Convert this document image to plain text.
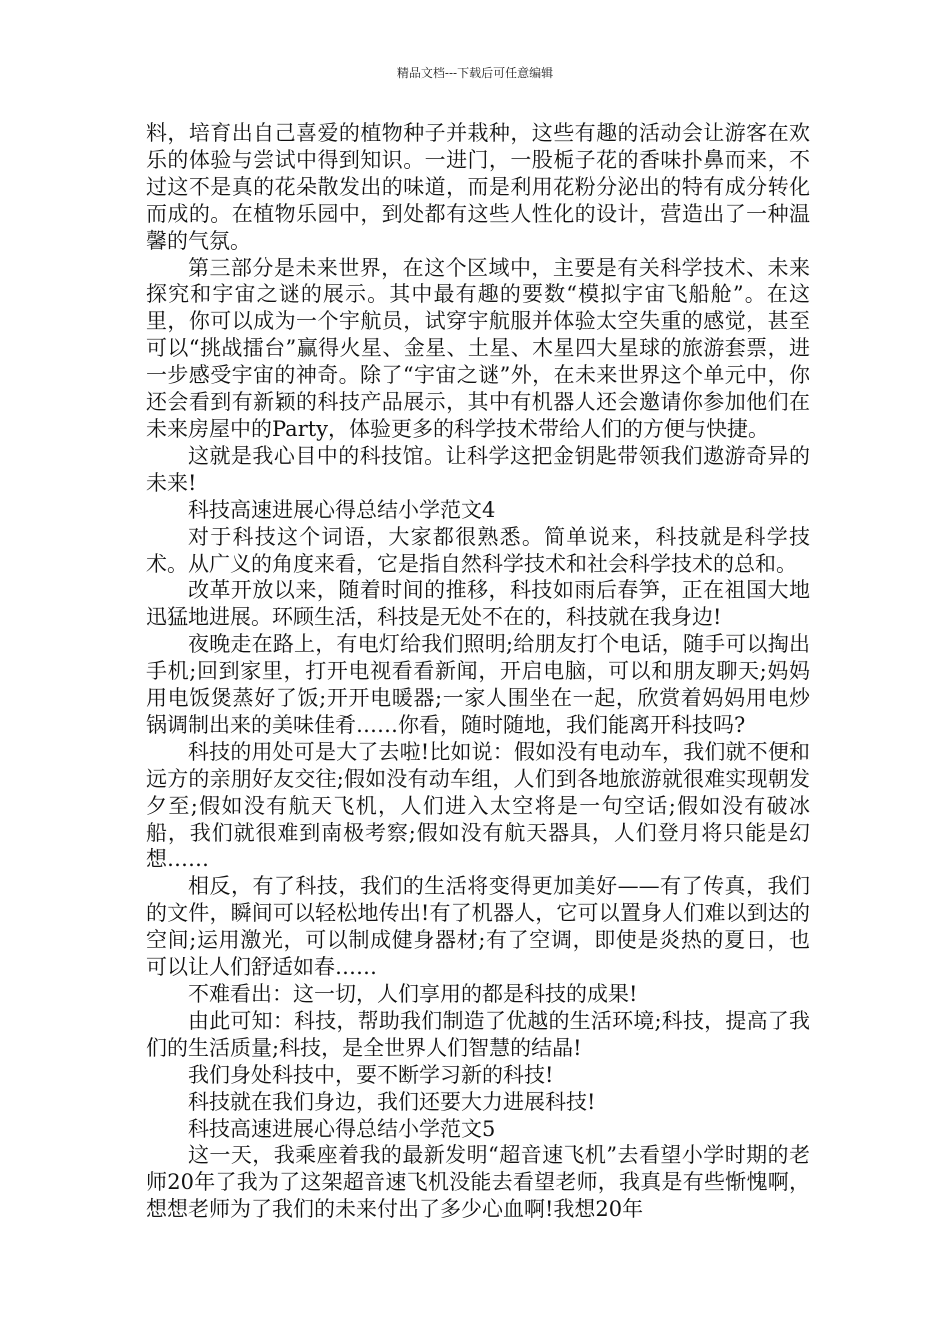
精品文档---下载后可任意编辑

料，培育出自己喜爱的植物种子并栽种，这些有趣的活动会让游客在欢乐的体验与尝试中得到知识。一进门，一股栀子花的香味扑鼻而来，不过这不是真的花朵散发出的味道，而是利用花粉分泌出的特有成分转化而成的。在植物乐园中，到处都有这些人性化的设计，营造出了一种温馨的气氛。

第三部分是未来世界，在这个区域中，主要是有关科学技术、未来探究和宇宙之谜的展示。其中最有趣的要数“模拟宇宙飞船舱”。在这里，你可以成为一个宇航员，试穿宇航服并体验太空失重的感觉，甚至可以“挑战擂台”赢得火星、金星、土星、木星四大星球的旅游套票，进一步感受宇宙的神奇。除了“宇宙之谜”外，在未来世界这个单元中，你还会看到有新颖的科技产品展示，其中有机器人还会邀请你参加他们在未来房屋中的Party，体验更多的科学技术带给人们的方便与快捷。

这就是我心目中的科技馆。让科学这把金钥匙带领我们遨游奇异的未来!

科技高速进展心得总结小学范文4

对于科技这个词语，大家都很熟悉。简单说来，科技就是科学技术。从广义的角度来看，它是指自然科学技术和社会科学技术的总和。

改革开放以来，随着时间的推移，科技如雨后春笋，正在祖国大地迅猛地进展。环顾生活，科技是无处不在的，科技就在我身边!

夜晚走在路上，有电灯给我们照明;给朋友打个电话，随手可以掏出手机;回到家里，打开电视看看新闻，开启电脑，可以和朋友聊天;妈妈用电饭煲蒸好了饭;开开电暖器;一家人围坐在一起，欣赏着妈妈用电炒锅调制出来的美味佳肴……你看，随时随地，我们能离开科技吗?

科技的用处可是大了去啦!比如说：假如没有电动车，我们就不便和远方的亲朋好友交往;假如没有动车组，人们到各地旅游就很难实现朝发夕至;假如没有航天飞机，人们进入太空将是一句空话;假如没有破冰船，我们就很难到南极考察;假如没有航天器具，人们登月将只能是幻想……

相反，有了科技，我们的生活将变得更加美好——有了传真，我们的文件，瞬间可以轻松地传出!有了机器人，它可以置身人们难以到达的空间;运用激光，可以制成健身器材;有了空调，即使是炎热的夏日，也可以让人们舒适如春……

不难看出：这一切，人们享用的都是科技的成果!

由此可知：科技，帮助我们制造了优越的生活环境;科技，提高了我们的生活质量;科技，是全世界人们智慧的结晶!

我们身处科技中，要不断学习新的科技!

科技就在我们身边，我们还要大力进展科技!

科技高速进展心得总结小学范文5

这一天，我乘座着我的最新发明“超音速飞机”去看望小学时期的老师20年了我为了这架超音速飞机没能去看望老师，我真是有些惭愧啊，想想老师为了我们的未来付出了多少心血啊!我想20年
